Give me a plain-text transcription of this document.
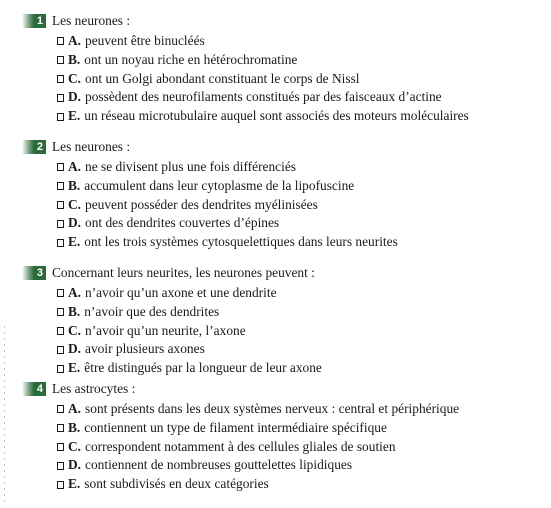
1 Les neurones :
A. peuvent être binucléés
B. ont un noyau riche en hétérochromatine
C. ont un Golgi abondant constituant le corps de Nissl
D. possèdent des neurofilaments constitués par des faisceaux d’actine
E. un réseau microtubulaire auquel sont associés des moteurs moléculaires
2 Les neurones :
A. ne se divisent plus une fois différenciés
B. accumulent dans leur cytoplasme de la lipofuscine
C. peuvent posséder des dendrites myélinisées
D. ont des dendrites couvertes d’épines
E. ont les trois systèmes cytosquelettiques dans leurs neurites
3 Concernant leurs neurites, les neurones peuvent :
A. n’avoir qu’un axone et une dendrite
B. n’avoir que des dendrites
C. n’avoir qu’un neurite, l’axone
D. avoir plusieurs axones
E. être distingués par la longueur de leur axone
4 Les astrocytes :
A. sont présents dans les deux systèmes nerveux : central et périphérique
B. contiennent un type de filament intermédiaire spécifique
C. correspondent notamment à des cellules gliales de soutien
D. contiennent de nombreuses gouttelettes lipidiques
E. sont subdivisés en deux catégories
